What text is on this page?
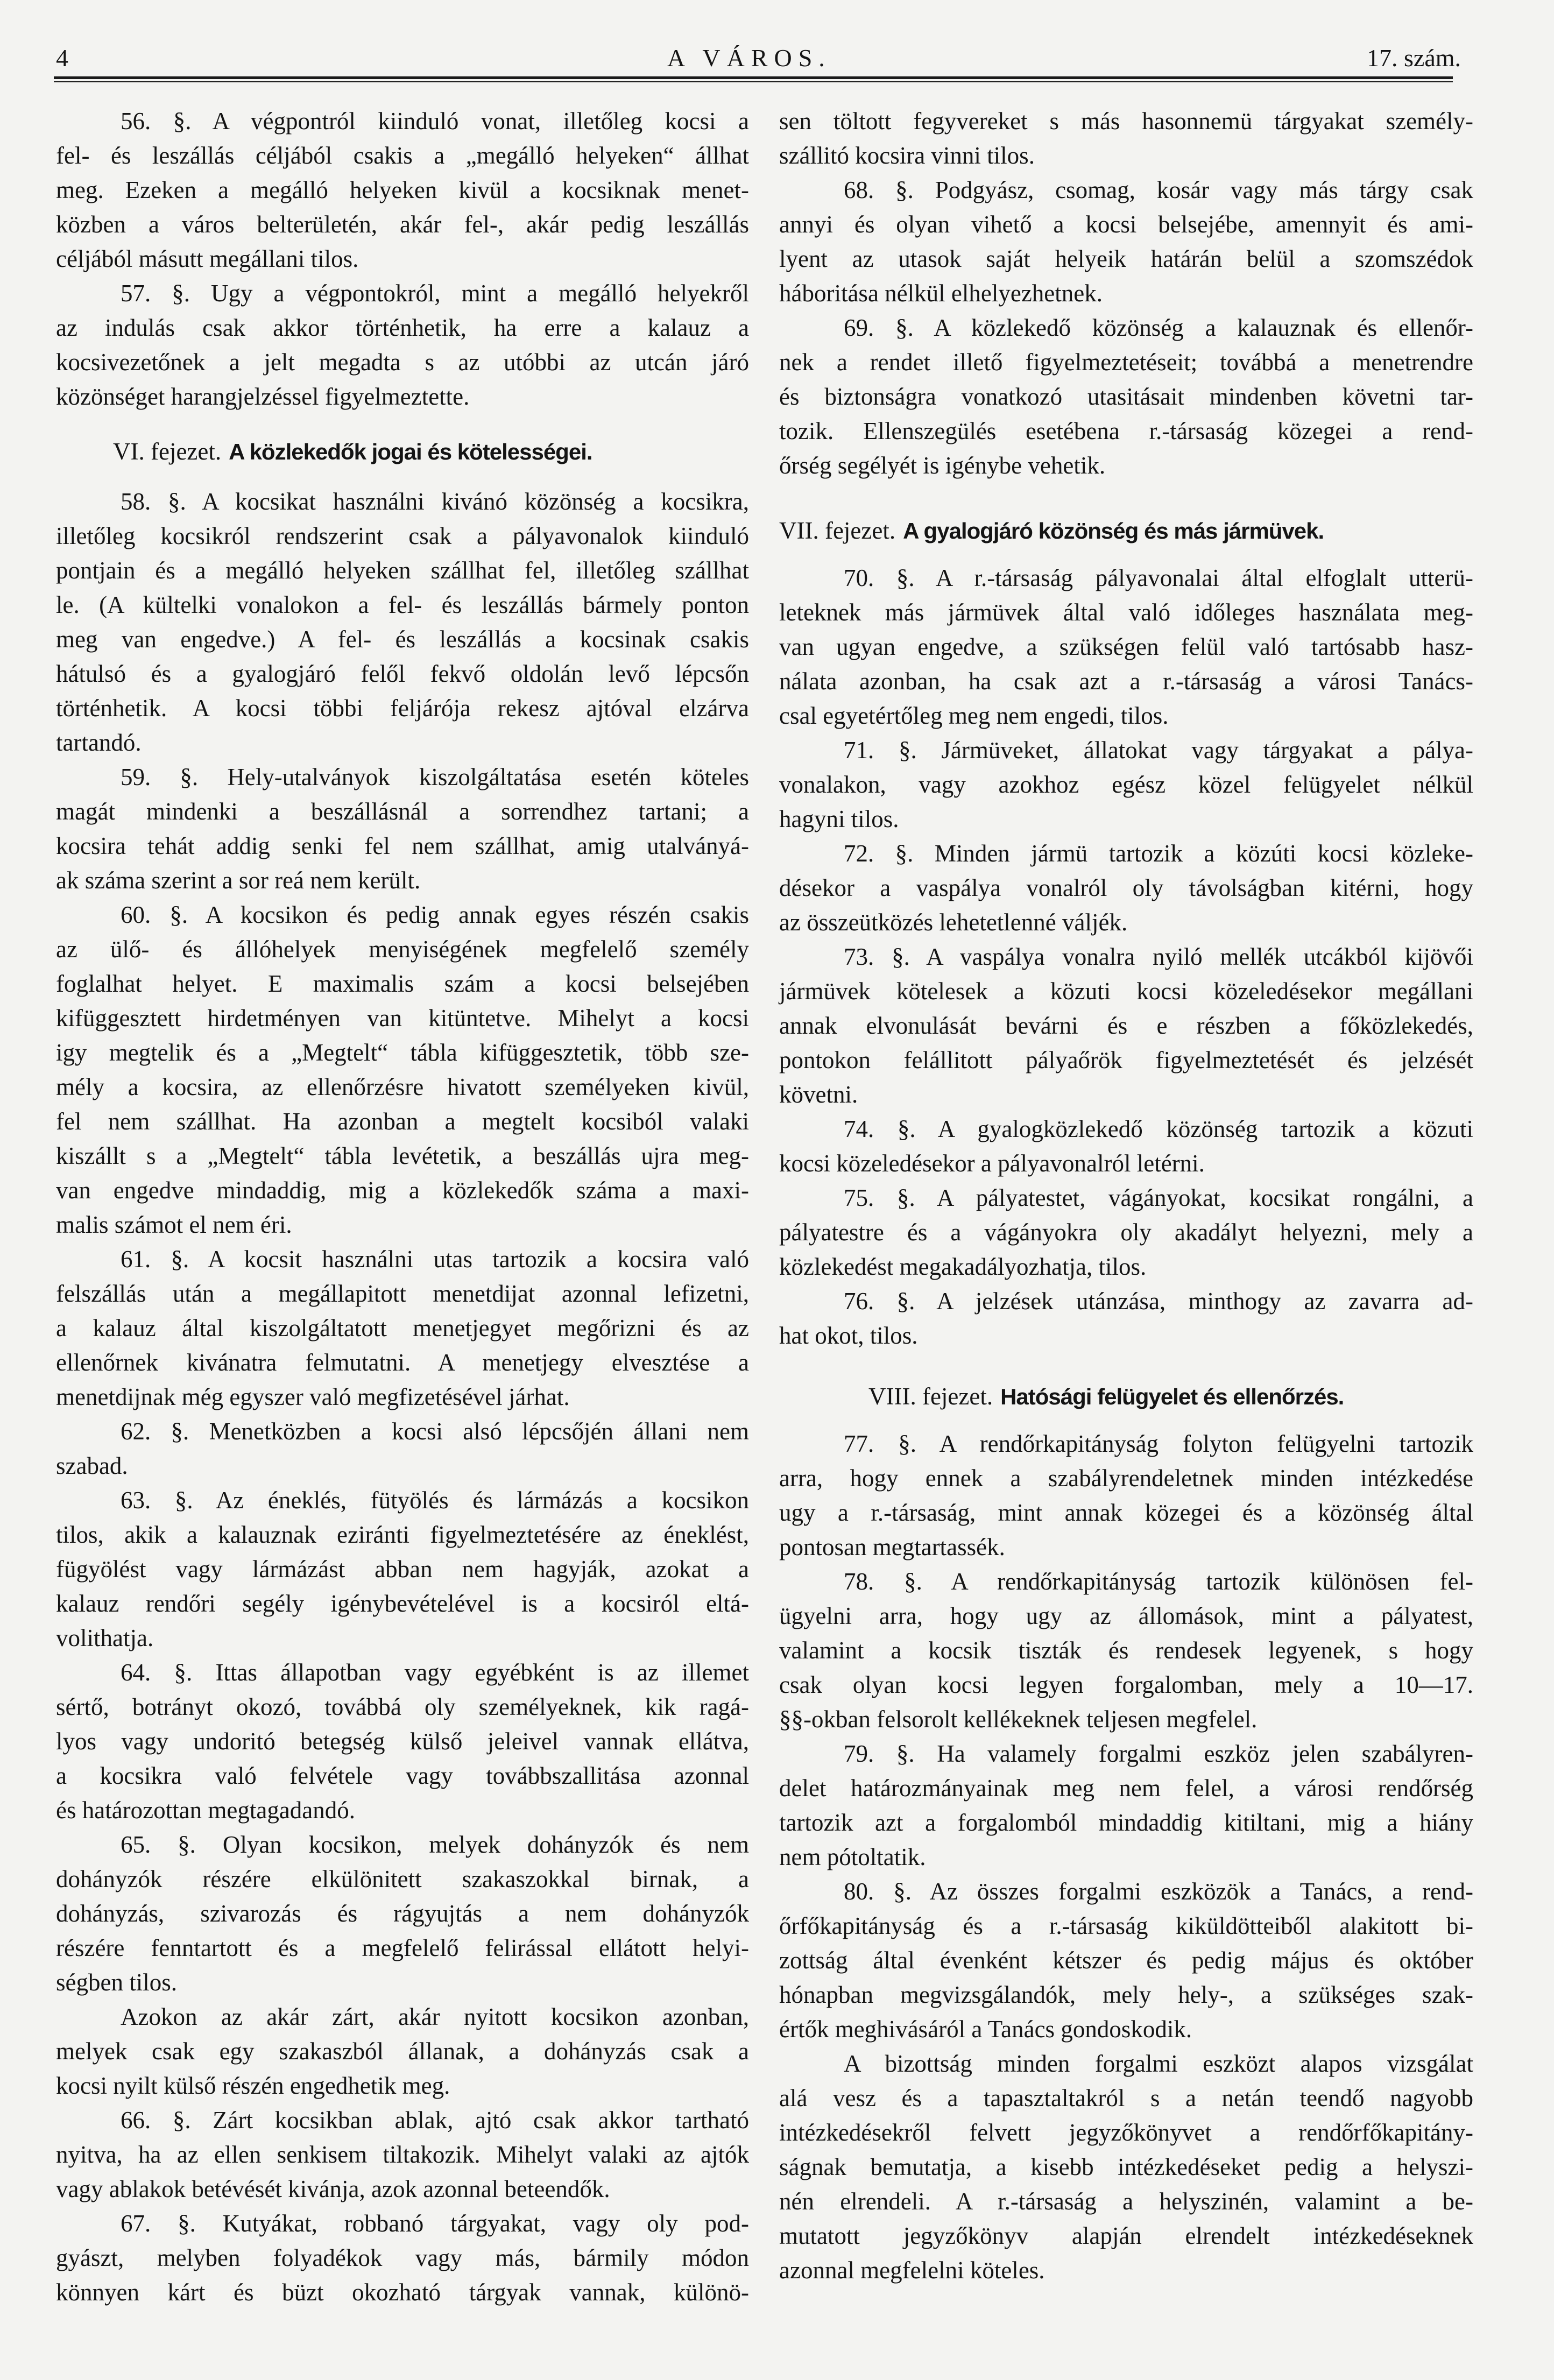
4	A VÁROS.	17. szám.
56. §. A végpontról kiinduló vonat, illetőleg kocsi a
fel- és leszállás céljából csakis a „megálló helyeken“ állhat
meg. Ezeken a megálló helyeken kivül a kocsiknak menet-
közben a város belterületén, akár fel-, akár pedig leszállás
céljából másutt megállani tilos.
57. §. Ugy a végpontokról, mint a megálló helyekről
az indulás csak akkor történhetik, ha erre a kalauz a
kocsivezetőnek a jelt megadta s az utóbbi az utcán járó
közönséget harangjelzéssel figyelmeztette.
VI. fejezet. A közlekedők jogai és kötelességei.
58. §. A kocsikat használni kivánó közönség a kocsikra,
illetőleg kocsikról rendszerint csak a pályavonalok kiinduló
pontjain és a megálló helyeken szállhat fel, illetőleg szállhat
le. (A kültelki vonalokon a fel- és leszállás bármely ponton
meg van engedve.) A fel- és leszállás a kocsinak csakis
hátulsó és a gyalogjáró felől fekvő oldolán levő lépcsőn
történhetik. A kocsi többi feljárója rekesz ajtóval elzárva
tartandó.
59. §. Hely-utalványok kiszolgáltatása esetén köteles
magát mindenki a beszállásnál a sorrendhez tartani; a
kocsira tehát addig senki fel nem szállhat, amig utalványá-
ak száma szerint a sor reá nem került.
60. §. A kocsikon és pedig annak egyes részén csakis
az ülő- és állóhelyek menyiségének megfelelő személy
foglalhat helyet. E maximalis szám a kocsi belsejében
kifüggesztett hirdetményen van kitüntetve. Mihelyt a kocsi
igy megtelik és a „Megtelt“ tábla kifüggesztetik, több sze-
mély a kocsira, az ellenőrzésre hivatott személyeken kivül,
fel nem szállhat. Ha azonban a megtelt kocsiból valaki
kiszállt s a „Megtelt“ tábla levétetik, a beszállás ujra meg-
van engedve mindaddig, mig a közlekedők száma a maxi-
malis számot el nem éri.
61. §. A kocsit használni utas tartozik a kocsira való
felszállás után a megállapitott menetdijat azonnal lefizetni,
a kalauz által kiszolgáltatott menetjegyet megőrizni és az
ellenőrnek kivánatra felmutatni. A menetjegy elvesztése a
menetdijnak még egyszer való megfizetésével járhat.
62. §. Menetközben a kocsi alsó lépcsőjén állani nem
szabad.
63. §. Az éneklés, fütyölés és lármázás a kocsikon
tilos, akik a kalauznak eziránti figyelmeztetésére az éneklést,
fügyölést vagy lármázást abban nem hagyják, azokat a
kalauz rendőri segély igénybevételével is a kocsiról eltá-
volithatja.
64. §. Ittas állapotban vagy egyébként is az illemet
sértő, botrányt okozó, továbbá oly személyeknek, kik ragá-
lyos vagy undoritó betegség külső jeleivel vannak ellátva,
a kocsikra való felvétele vagy továbbszallitása azonnal
és határozottan megtagadandó.
65. §. Olyan kocsikon, melyek dohányzók és nem
dohányzók részére elkülönitett szakaszokkal birnak, a
dohányzás, szivarozás és rágyujtás a nem dohányzók
részére fenntartott és a megfelelő felirással ellátott helyi-
ségben tilos.
Azokon az akár zárt, akár nyitott kocsikon azonban,
melyek csak egy szakaszból állanak, a dohányzás csak a
kocsi nyilt külső részén engedhetik meg.
66. §. Zárt kocsikban ablak, ajtó csak akkor tartható
nyitva, ha az ellen senkisem tiltakozik. Mihelyt valaki az ajtók
vagy ablakok betévését kivánja, azok azonnal beteendők.
67. §. Kutyákat, robbanó tárgyakat, vagy oly pod-
gyászt, melyben folyadékok vagy más, bármily módon
könnyen kárt és büzt okozható tárgyak vannak, különö-
sen töltott fegyvereket s más hasonnemü tárgyakat személy-
szállitó kocsira vinni tilos.
68. §. Podgyász, csomag, kosár vagy más tárgy csak
annyi és olyan vihető a kocsi belsejébe, amennyit és ami-
lyent az utasok saját helyeik határán belül a szomszédok
háboritása nélkül elhelyezhetnek.
69. §. A közlekedő közönség a kalauznak és ellenőr-
nek a rendet illető figyelmeztetéseit; továbbá a menetrendre
és biztonságra vonatkozó utasitásait mindenben követni tar-
tozik. Ellenszegülés esetébena r.-társaság közegei a rend-
őrség segélyét is igénybe vehetik.
VII. fejezet. A gyalogjáró közönség és más jármüvek.
70. §. A r.-társaság pályavonalai által elfoglalt utterü-
leteknek más jármüvek által való időleges használata meg-
van ugyan engedve, a szükségen felül való tartósabb hasz-
nálata azonban, ha csak azt a r.-társaság a városi Tanács-
csal egyetértőleg meg nem engedi, tilos.
71. §. Jármüveket, állatokat vagy tárgyakat a pálya-
vonalakon, vagy azokhoz egész közel felügyelet nélkül
hagyni tilos.
72. §. Minden jármü tartozik a közúti kocsi közleke-
désekor a vaspálya vonalról oly távolságban kitérni, hogy
az összeütközés lehetetlenné váljék.
73. §. A vaspálya vonalra nyiló mellék utcákból kijövői
jármüvek kötelesek a közuti kocsi közeledésekor megállani
annak elvonulását bevárni és e részben a főközlekedés,
pontokon felállitott pályaőrök figyelmeztetését és jelzését
követni.
74. §. A gyalogközlekedő közönség tartozik a közuti
kocsi közeledésekor a pályavonalról letérni.
75. §. A pályatestet, vágányokat, kocsikat rongálni, a
pályatestre és a vágányokra oly akadályt helyezni, mely a
közlekedést megakadályozhatja, tilos.
76. §. A jelzések utánzása, minthogy az zavarra ad-
hat okot, tilos.
VIII. fejezet. Hatósági felügyelet és ellenőrzés.
77. §. A rendőrkapitányság folyton felügyelni tartozik
arra, hogy ennek a szabályrendeletnek minden intézkedése
ugy a r.-társaság, mint annak közegei és a közönség által
pontosan megtartassék.
78. §. A rendőrkapitányság tartozik különösen fel-
ügyelni arra, hogy ugy az állomások, mint a pályatest,
valamint a kocsik tiszták és rendesek legyenek, s hogy
csak olyan kocsi legyen forgalomban, mely a 10—17.
§§-okban felsorolt kellékeknek teljesen megfelel.
79. §. Ha valamely forgalmi eszköz jelen szabályren-
delet határozmányainak meg nem felel, a városi rendőrség
tartozik azt a forgalomból mindaddig kitiltani, mig a hiány
nem pótoltatik.
80. §. Az összes forgalmi eszközök a Tanács, a rend-
őrfőkapitányság és a r.-társaság kiküldötteiből alakitott bi-
zottság által évenként kétszer és pedig május és október
hónapban megvizsgálandók, mely hely-, a szükséges szak-
értők meghivásáról a Tanács gondoskodik.
A bizottság minden forgalmi eszközt alapos vizsgálat
alá vesz és a tapasztaltakról s a netán teendő nagyobb
intézkedésekről felvett jegyzőkönyvet a rendőrfőkapitány-
ságnak bemutatja, a kisebb intézkedéseket pedig a helyszi-
nén elrendeli. A r.-társaság a helyszinén, valamint a be-
mutatott jegyzőkönyv alapján elrendelt intézkedéseknek
azonnal megfelelni köteles.
